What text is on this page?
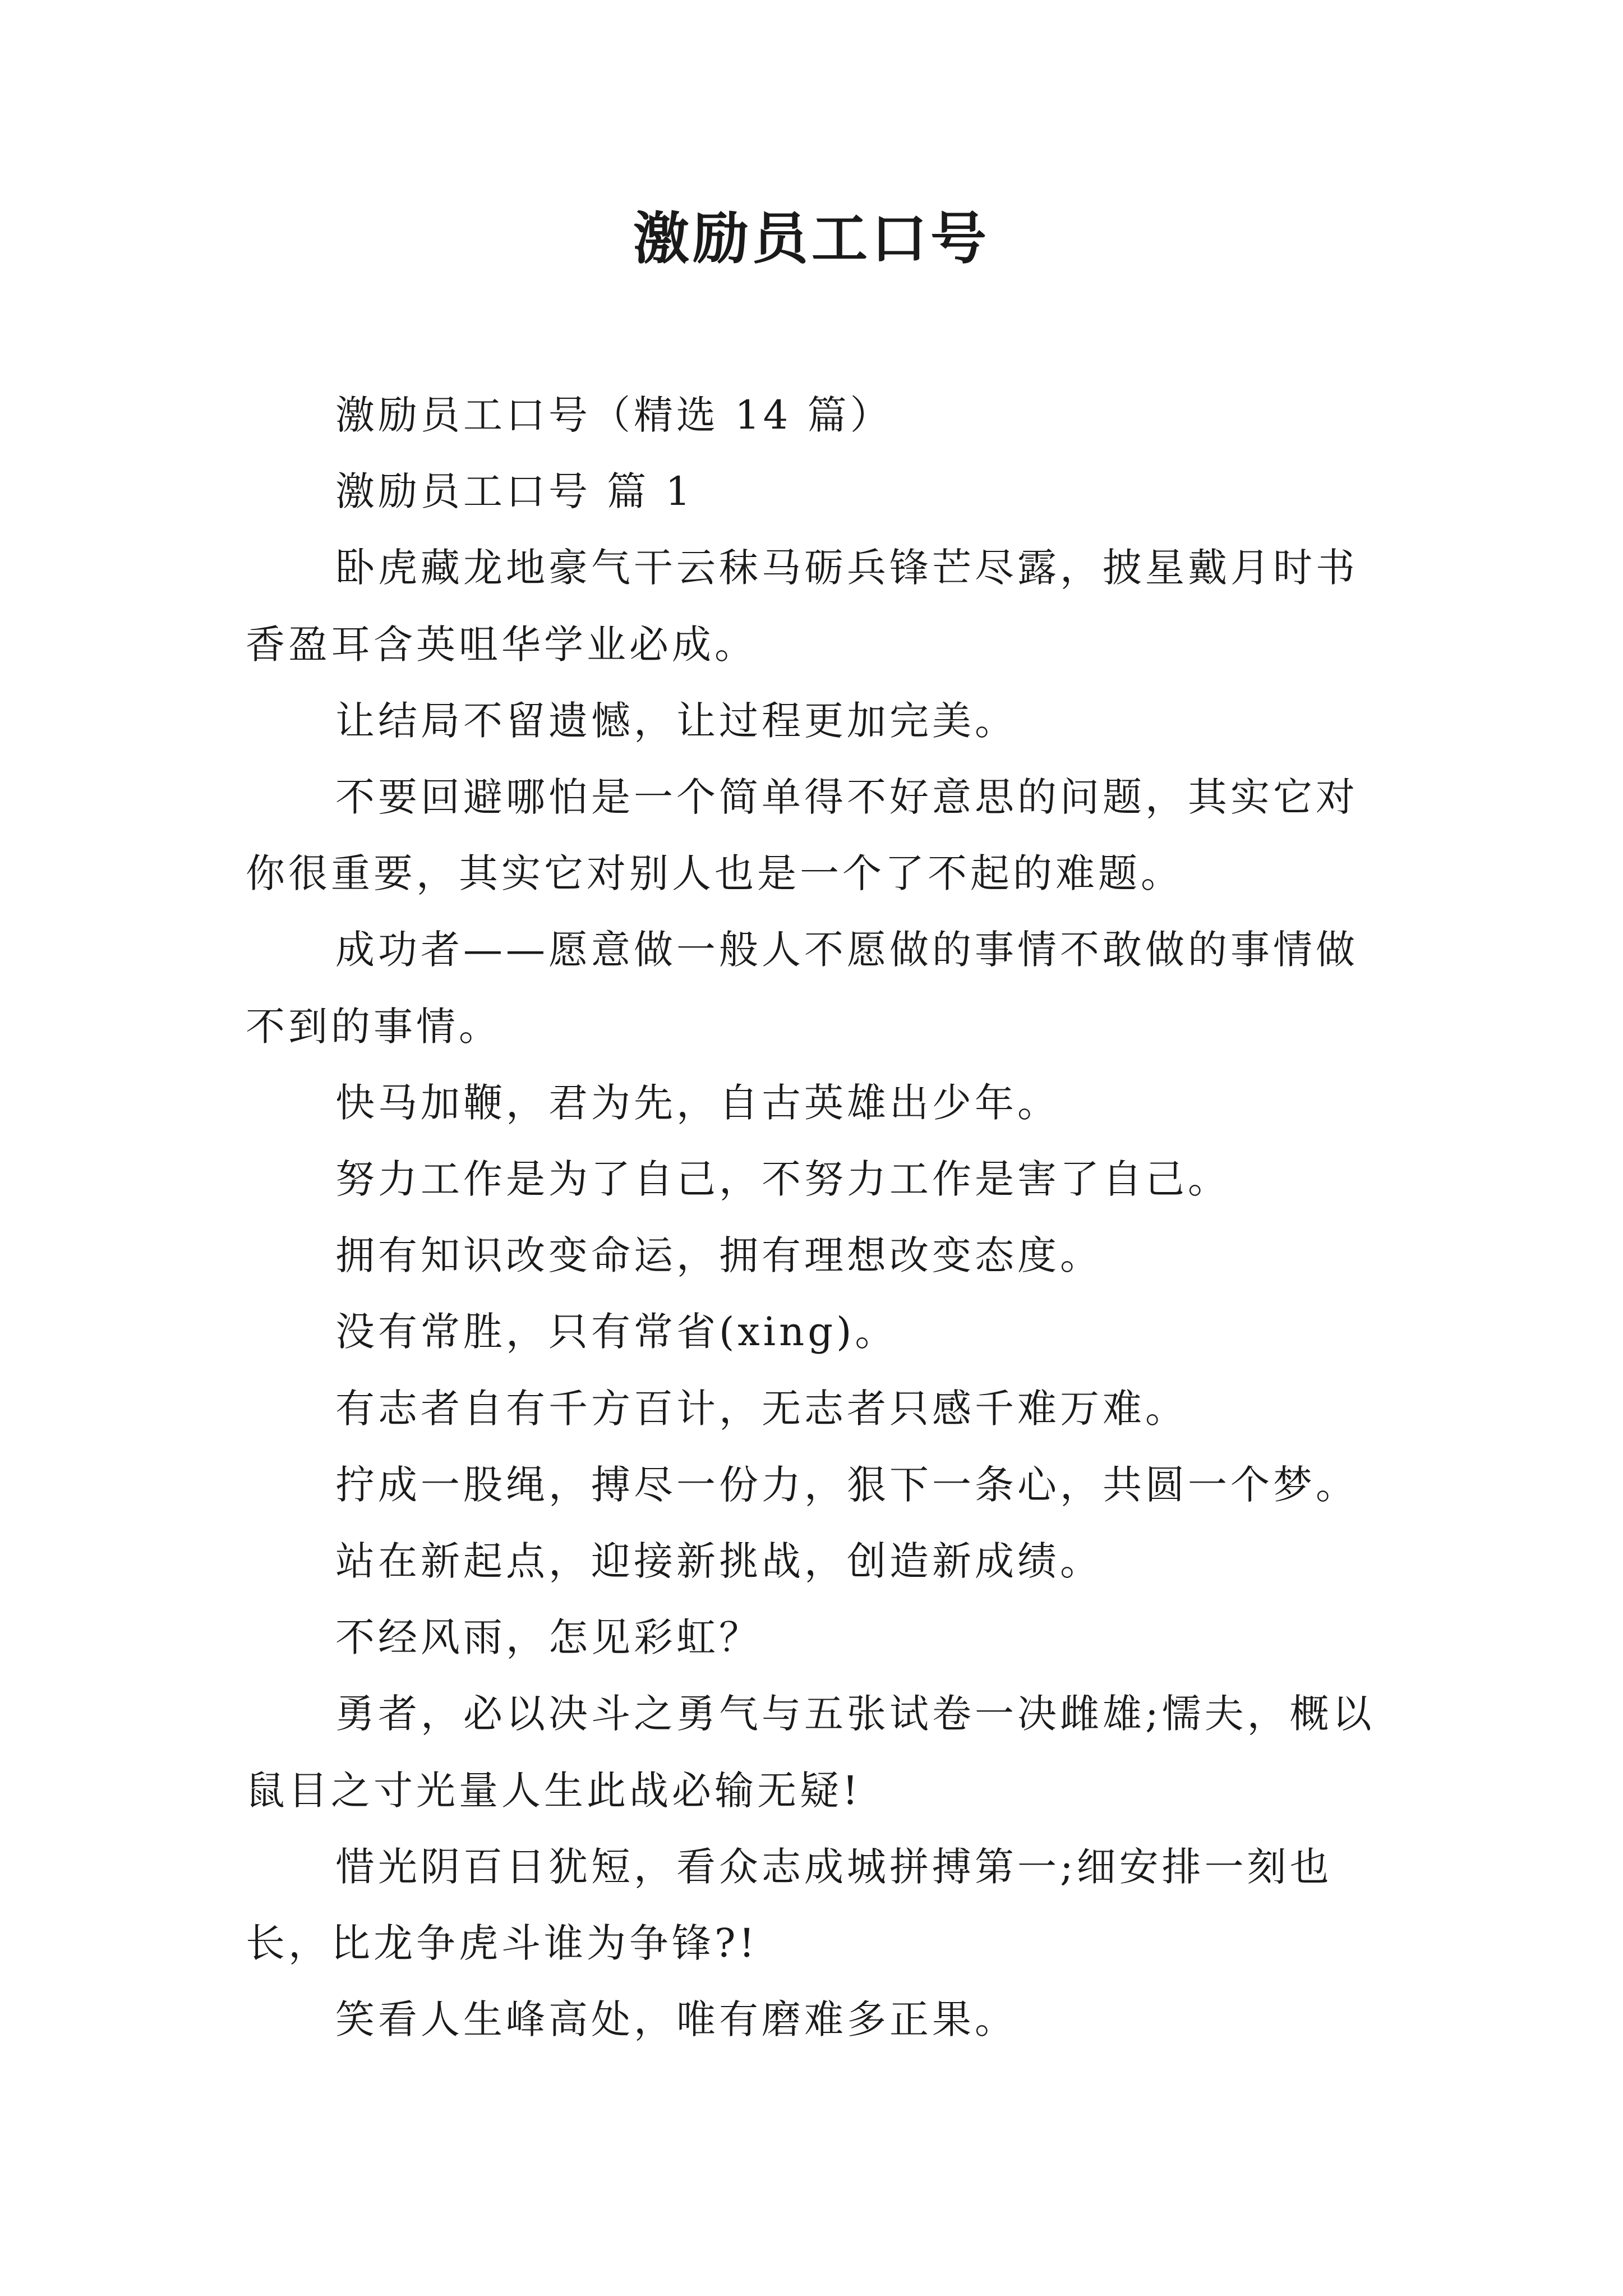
激励员工口号

激励员工口号（精选 14 篇）

激励员工口号 篇 1

卧虎藏龙地豪气干云秣马砺兵锋芒尽露，披星戴月时书香盈耳含英咀华学业必成。

让结局不留遗憾，让过程更加完美。

不要回避哪怕是一个简单得不好意思的问题，其实它对你很重要，其实它对别人也是一个了不起的难题。

成功者——愿意做一般人不愿做的事情不敢做的事情做不到的事情。

快马加鞭，君为先，自古英雄出少年。

努力工作是为了自己，不努力工作是害了自己。

拥有知识改变命运，拥有理想改变态度。

没有常胜，只有常省(xing)。

有志者自有千方百计，无志者只感千难万难。

拧成一股绳，搏尽一份力，狠下一条心，共圆一个梦。

站在新起点，迎接新挑战，创造新成绩。

不经风雨，怎见彩虹？

勇者，必以决斗之勇气与五张试卷一决雌雄;懦夫，概以鼠目之寸光量人生此战必输无疑!

惜光阴百日犹短，看众志成城拼搏第一;细安排一刻也长，比龙争虎斗谁为争锋?!

笑看人生峰高处，唯有磨难多正果。
